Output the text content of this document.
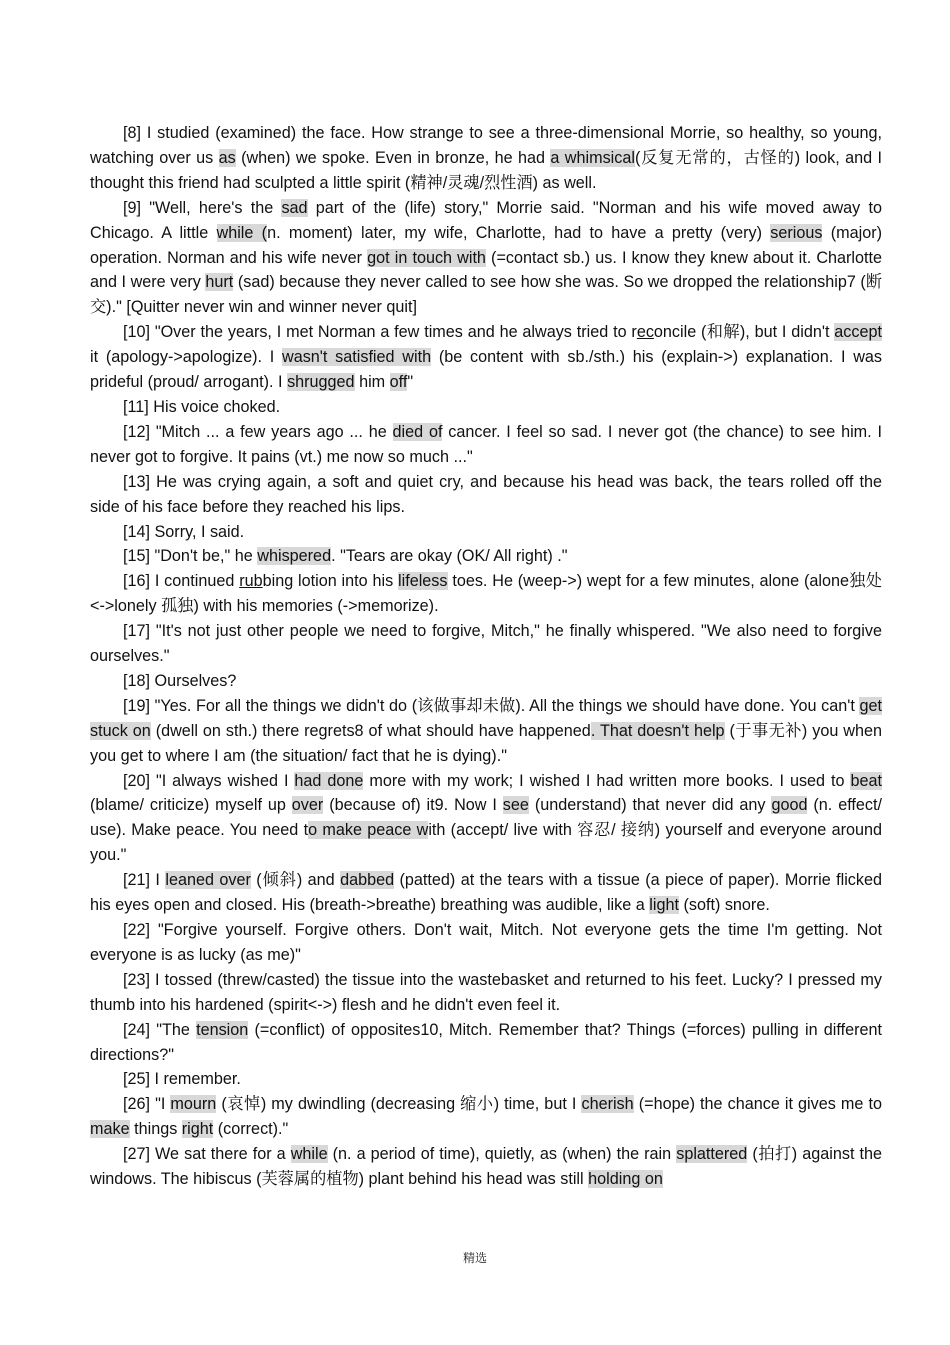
[8] I studied (examined) the face. How strange to see a three-dimensional Morrie, so healthy, so young, watching over us as (when) we spoke. Even in bronze, he had a whimsical(反复无常的，古怪的) look, and I thought this friend had sculpted a little spirit (精神/灵魂/烈性酒) as well.

[9] "Well, here's the sad part of the (life) story," Morrie said. "Norman and his wife moved away to Chicago. A little while (n. moment) later, my wife, Charlotte, had to have a pretty (very) serious (major) operation. Norman and his wife never got in touch with (=contact sb.) us. I know they knew about it. Charlotte and I were very hurt (sad) because they never called to see how she was. So we dropped the relationship7 (断交)." [Quitter never win and winner never quit]

[10] "Over the years, I met Norman a few times and he always tried to reconcile (和解), but I didn't accept it (apology->apologize). I wasn't satisfied with (be content with sb./sth.) his (explain->) explanation. I was prideful (proud/ arrogant). I shrugged him off"

[11] His voice choked.

[12] "Mitch ... a few years ago ... he died of cancer. I feel so sad. I never got (the chance) to see him. I never got to forgive. It pains (vt.) me now so much ..."

[13] He was crying again, a soft and quiet cry, and because his head was back, the tears rolled off the side of his face before they reached his lips.

[14] Sorry, I said.

[15] "Don't be," he whispered. "Tears are okay (OK/ All right) ."

[16] I continued rubbing lotion into his lifeless toes. He (weep->) wept for a few minutes, alone (alone独处<->lonely 孤独) with his memories (->memorize).

[17] "It's not just other people we need to forgive, Mitch," he finally whispered. "We also need to forgive ourselves."

[18] Ourselves?

[19] "Yes. For all the things we didn't do (该做事却未做). All the things we should have done. You can't get stuck on (dwell on sth.) there regrets8 of what should have happened. That doesn't help (于事无补) you when you get to where I am (the situation/ fact that he is dying)."

[20] "I always wished I had done more with my work; I wished I had written more books. I used to beat (blame/ criticize) myself up over (because of) it9. Now I see (understand) that never did any good (n. effect/ use). Make peace. You need to make peace with (accept/ live with 容忍/ 接纳) yourself and everyone around you."

[21] I leaned over (倾斜) and dabbed (patted) at the tears with a tissue (a piece of paper). Morrie flicked his eyes open and closed. His (breath->breathe) breathing was audible, like a light (soft) snore.

[22] "Forgive yourself. Forgive others. Don't wait, Mitch. Not everyone gets the time I'm getting. Not everyone is as lucky (as me)"

[23] I tossed (threw/casted) the tissue into the wastebasket and returned to his feet. Lucky? I pressed my thumb into his hardened (spirit<->) flesh and he didn't even feel it.

[24] "The tension (=conflict) of opposites10, Mitch. Remember that? Things (=forces) pulling in different directions?"

[25] I remember.

[26] "I mourn (哀悼) my dwindling (decreasing 缩小) time, but I cherish (=hope) the chance it gives me to make things right (correct)."

[27] We sat there for a while (n. a period of time), quietly, as (when) the rain splattered (拍打) against the windows. The hibiscus (芙蓉属的植物) plant behind his head was still holding on

精选
